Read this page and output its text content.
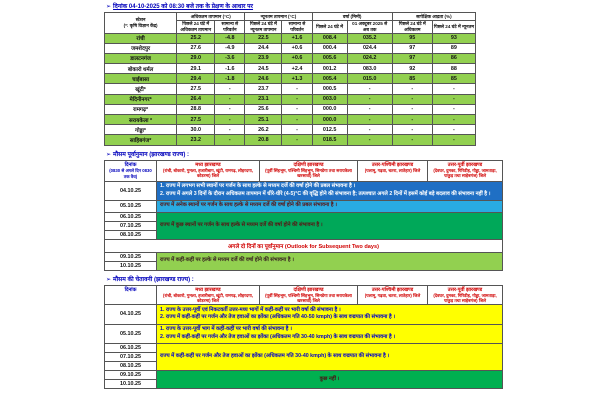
➢ दिनांक 04-10-2025 को 08:30 बजे तक के प्रेक्षण के आधार पर
स्टेशन
(*: कृषि विज्ञान केंद्र)	अधिकतम तापमान (°C)		न्यूनतम तापमान (°C)		वर्षा (मिमी)		सापेक्षिक आद्रता (%)	
	पिछले 24 घंटे में अधिकतम तापमान	सामान्य से परिवर्तन	पिछले 24 घंटे में न्यूनतम तापमान	सामान्य से परिवर्तन	पिछले 24 घंटे में	01 अक्टूबर 2025 से अब तक	पिछले 24 घंटे में अधिकतम	पिछले 24 घंटे में न्यूनतम
रांची	25.2	-4.8	22.5	+1.6	008.4	035.2	95	93
जमशेदपुर	27.6	-4.9	24.4	+0.6	000.4	024.4	97	89
डालटनगंज	29.0	-3.6	23.9	+0.6	005.6	024.2	97	86
बोकारो थर्मल	29.1	-1.6	24.5	+2.4	001.2	083.0	92	88
चाईबासा	29.4	-1.8	24.6	+1.3	005.4	015.0	85	85
खूंटी*	27.5	-	23.7	-	000.5	-	-	-
मेदिनीनगर*	26.4	-	23.1	-	003.0	-	-	-
रामगढ़*	28.8	-	25.6	-	000.0	-	-	-
सरायकेला *	27.5	-	25.1	-	000.0	-	-	-
गोड्डा*	30.0	-	26.2	-	012.5	-	-	-
साहिबगंज*	23.2	-	20.8	-	018.5	-	-	-
➢ मौसम पूर्वानुमान (झारखण्ड राज्य) :
दिनांक
(0830 से अगले दिन 0830 तक वैध)

मध्य झारखण्ड
(रांची, बोकारो, गुमला, हजारीबाग, खूंटी, रामगढ़, लोहरदगा, कोडरमा) जिले

दक्षिणी झारखण्ड
(पूर्वी सिंहभूम, पश्चिमी सिंहभूम, सिमडेगा तथा सरायकेला खरसावाँ) जिले

उत्तर-पश्चिमी झारखण्ड
(पलामू, गढ़वा, चतरा, लातेहार) जिले

उत्तर-पूर्वी झारखण्ड
(देवघर, दुमका, गिरिडीह, गोड्डा, जामताड़ा, पाकुड़ तथा साहेबगंज) जिले

04.10.25	1. राज्य में लगभग सभी स्थानों पर गर्जन के साथ हल्के से मध्यम दर्जे की वर्षा होने की प्रबल संभावना है ।

2. राज्य में अगले 3 दिनों के दौरान अधिकतम तापमान में धीरे-धीरे (4-5)°C की वृद्धि होने की संभावना है; तत्पश्चात अगले 2 दिनों में इसमें कोई बड़े बदलाव की संभावना नहीं है ।			

05.10.25	राज्य में अनेक स्थानों पर गर्जन के साथ हल्के से मध्यम दर्जे की वर्षा होने की प्रबल संभावना है ।			
06.10.25	राज्य में कुछ स्थानों पर गर्जन के साथ हल्के से मध्यम दर्जे की वर्षा होने की संभावना है ।			
07.10.25				
08.10.25				
अगले दो दिनों का पूर्वानुमान (Outlook for Subsequent Two days)				
09.10.25	राज्य में कहीं-कहीं पर हल्के से मध्यम दर्जे की वर्षा होने की संभावना है ।			
10.10.25				
➢ मौसम की चेतावनी (झारखण्ड राज्य) :
दिनांक	मध्य झारखण्ड
(रांची, बोकारो, गुमला, हजारीबाग, खूंटी, रामगढ़, लोहरदगा, कोडरमा) जिले

दक्षिणी झारखण्ड
(पूर्वी सिंहभूम, पश्चिमी सिंहभूम, सिमडेगा तथा सरायकेला खरसावाँ) जिले

उत्तर-पश्चिमी झारखण्ड
(पलामू, गढ़वा, चतरा, लातेहार) जिले

उत्तर-पूर्वी झारखण्ड
(देवघर, दुमका, गिरिडीह, गोड्डा, जामताड़ा, पाकुड़ तथा साहेबगंज) जिले

04.10.25	1. राज्य के उत्तर-पूर्वी एवं निकटवर्ती उत्तर-मध्य भागों में कहीं-कहीं पर भारी वर्षा की संभावना है ।

2. राज्य में कहीं-कहीं पर गर्जन और तेज हवाओं का झोंका (अधिकतम गति 40-50 kmph) के साथ वज्रपात की संभावना है ।			

05.10.25	1. राज्य के उत्तर-पूर्वी भाग में कहीं-कहीं पर भारी वर्षा की संभावना है ।

2. राज्य में कहीं-कहीं पर गर्जन और तेज हवाओं का झोंका (अधिकतम गति 30-40 kmph) के साथ वज्रपात की संभावना है ।			

06.10.25	राज्य में कहीं-कहीं पर गर्जन और तेज हवाओं का झोंका (अधिकतम गति 30-40 kmph) के साथ वज्रपात की संभावना है ।			
07.10.25				
08.10.25				
09.10.25	कुछ नहीं ।			
10.10.25				
